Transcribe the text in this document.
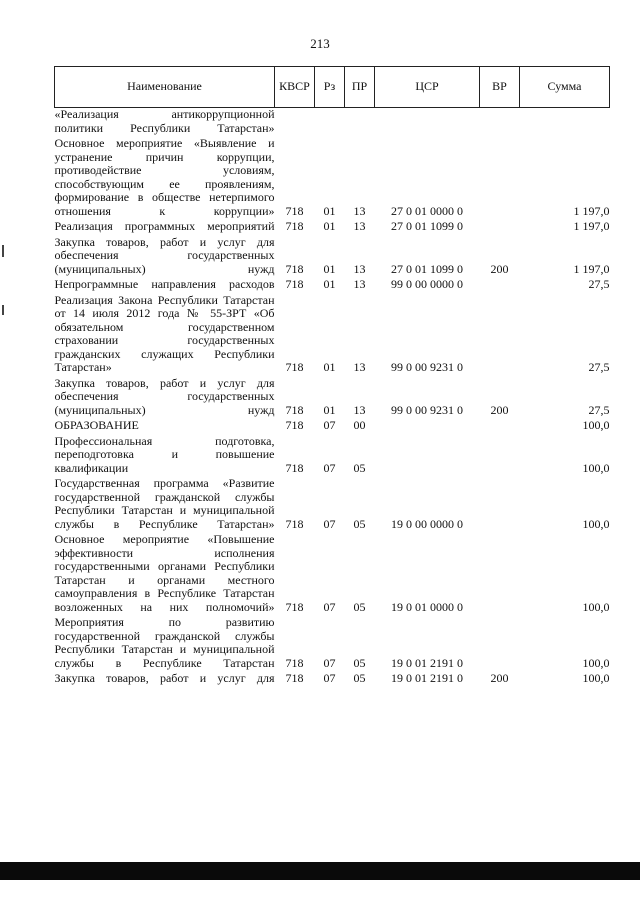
213
Наименование	КВСР	Рз	ПР	ЦСР	ВР	Сумма
«Реализация антикоррупционной политики Республики Татарстан»						
Основное мероприятие «Выявление и устранение причин коррупции, противодействие условиям, способствующим ее проявлениям, формирование в обществе нетерпимого отношения к коррупции»	718	01	13	27 0 01 0000 0		1 197,0
Реализация программных мероприятий	718	01	13	27 0 01 1099 0		1 197,0
Закупка товаров, работ и услуг для обеспечения государственных (муниципальных) нужд	718	01	13	27 0 01 1099 0	200	1 197,0
Непрограммные направления расходов	718	01	13	99 0 00 0000 0		27,5
Реализация Закона Республики Татарстан от 14 июля 2012 года № 55-ЗРТ «Об обязательном государственном страховании государственных гражданских служащих Республики Татарстан»	718	01	13	99 0 00 9231 0		27,5
Закупка товаров, работ и услуг для обеспечения государственных (муниципальных) нужд	718	01	13	99 0 00 9231 0	200	27,5
ОБРАЗОВАНИЕ	718	07	00			100,0
Профессиональная подготовка, переподготовка и повышение квалификации	718	07	05			100,0
Государственная программа «Развитие государственной гражданской службы Республики Татарстан и муниципальной службы в Республике Татарстан»	718	07	05	19 0 00 0000 0		100,0
Основное мероприятие «Повышение эффективности исполнения государственными органами Республики Татарстан и органами местного самоуправления в Республике Татарстан возложенных на них полномочий»	718	07	05	19 0 01 0000 0		100,0
Мероприятия по развитию государственной гражданской службы Республики Татарстан и муниципальной службы в Республике Татарстан	718	07	05	19 0 01 2191 0		100,0
Закупка товаров, работ и услуг для	718	07	05	19 0 01 2191 0	200	100,0
